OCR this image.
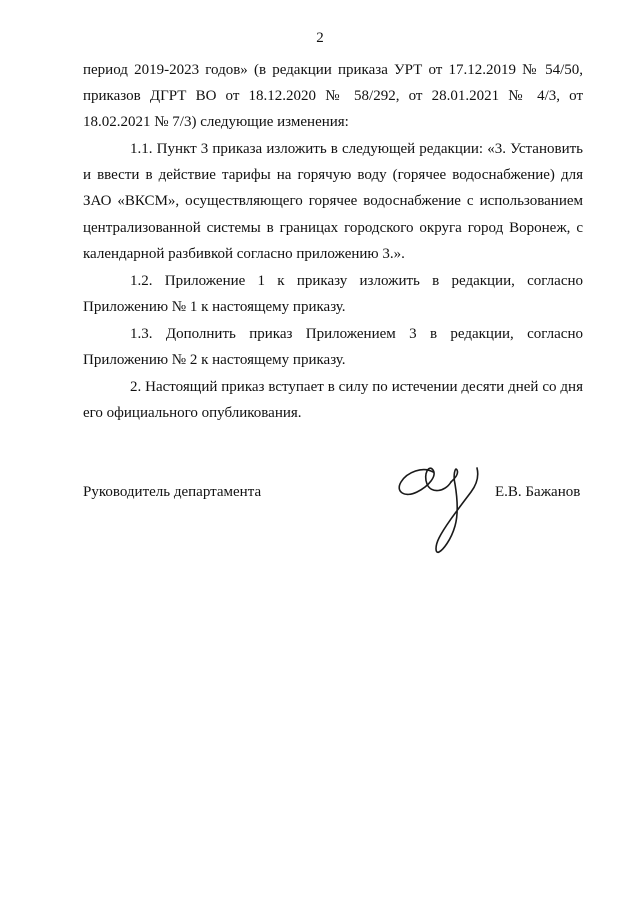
2
период 2019-2023 годов» (в редакции приказа УРТ от 17.12.2019 № 54/50,
приказов ДГРТ ВО от 18.12.2020 № 58/292, от 28.01.2021 № 4/3, от
18.02.2021 № 7/3) следующие изменения:
1.1. Пункт 3 приказа изложить в следующей редакции: «3. Установить
и ввести в действие тарифы на горячую воду (горячее водоснабжение) для
ЗАО «ВКСМ», осуществляющего горячее водоснабжение с использованием
централизованной системы в границах городского округа город Воронеж, с
календарной разбивкой согласно приложению 3.».
1.2. Приложение 1 к приказу изложить в редакции, согласно
Приложению № 1 к настоящему приказу.
1.3. Дополнить приказ Приложением 3 в редакции, согласно
Приложению № 2 к настоящему приказу.
2. Настоящий приказ вступает в силу по истечении десяти дней со дня
его официального опубликования.
Руководитель департамента	Е.В. Бажанов
